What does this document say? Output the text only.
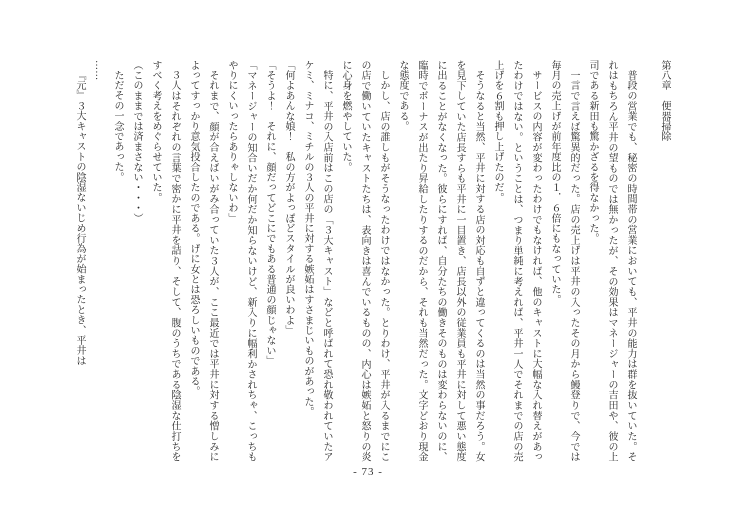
第八章　便器掃除

普段の営業でも、秘密の時間帯の営業においても、平井の能力は群を抜いていた。それはもちろん平井の望ものでは無かったが、その効果はマネージャーの吉田や、彼の上司である新田も驚かざるを得なかった。

一言で言えば驚異的だった。店の売上げは平井の入ったその月から鰻登りで、今では毎月の売上げが前年度比の１．６倍にもなっていた。

サービスの内容が変わったわけでもなければ、他のキャストに大幅な入れ替えがあったわけではない。ということは、つまり単純に考えれば、平井一人でそれまでの店の売上げを６割も押し上げたのだ。

そうなると当然、平井に対する店の対応も自ずと違ってくるのは当然の事だろう。女を見下していた店長すらも平井に一目置き、店長以外の従業員も平井に対して悪い態度に出ることがなくなった。彼らにすれば、自分たちの働きそのものは変わらないのに、臨時でボーナスが出たり昇給したりするのだから、それも当然だった。文字どおり現金な態度である。

しかし、店の誰しもがそうなったわけではなかった。とりわけ、平井が入るまでにこの店で働いていたキャストたちは、表向きは喜んでいるものの、内心は嫉妬と怒りの炎に心身を燃やしていた。

特に、平井の入店前はこの店の「３大キャスト」などと呼ばれて恐れ敬われていたアケミ、ミナコ、ミチルの３人の平井に対する嫉妬はすさまじいものがあった。

「何よあんな娘！　私の方がよっぽどスタイルが良いわよ」

「そうよ！　それに、顔だってどこにでもある普通の顔じゃない」

「マネージャーの知合いだか何だか知らないけど、新入りに幅利かされちゃ、こっちもやりにくいったらありゃしないわ」

それまで、顔が合えばいがみ合っていた３人が、ここ最近では平井に対する憎しみによってすっかり意気投合したのである。げに女とは恐ろしいものである。

３人はそれぞれの言葉で密かに平井を詰り、そして、腹のうちである陰湿な仕打ちをすべく考えをめぐらせていた。

（このままでは済まさない・・・）

ただその一念であった。

……

『元』３大キャストの陰湿ないじめ行為が始まったとき、平井は

- 73 -
